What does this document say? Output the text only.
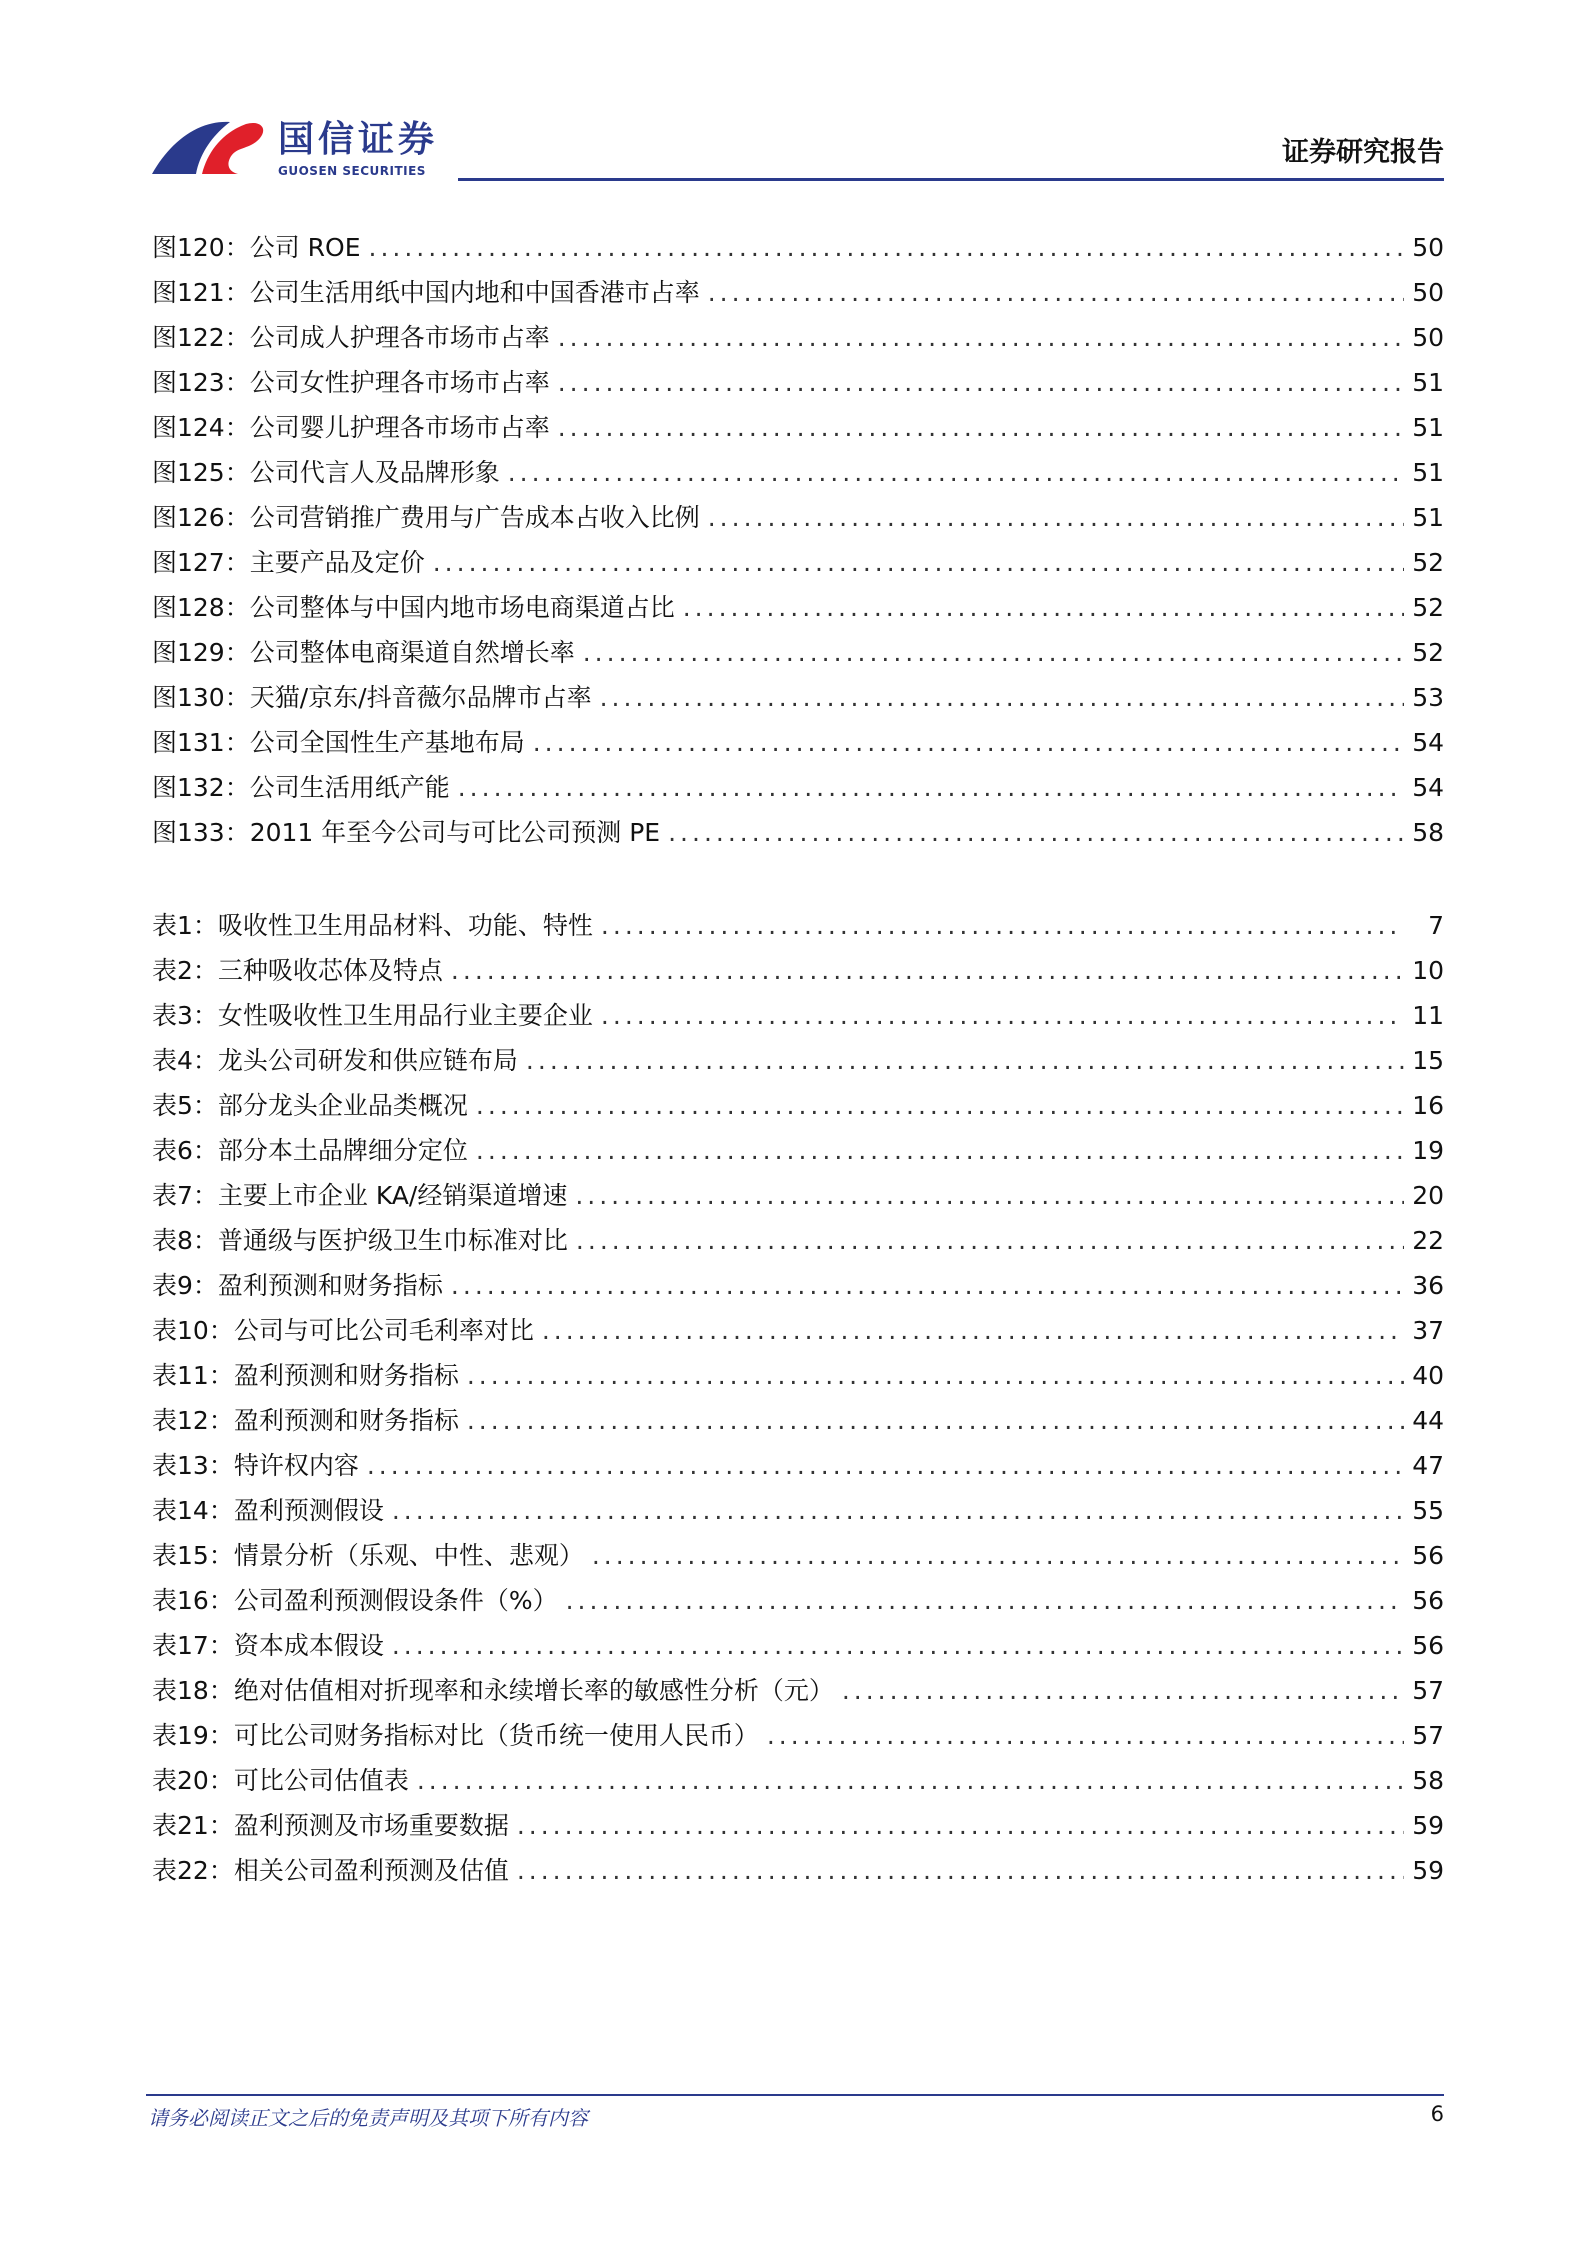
国信证券
GUOSEN SECURITIES
证券研究报告
图120： 公司 ROE .....	50
图121： 公司生活用纸中国内地和中国香港市占率 .....	50
图122： 公司成人护理各市场市占率 .....	50
图123： 公司女性护理各市场市占率 .....	51
图124： 公司婴儿护理各市场市占率 .....	51
图125： 公司代言人及品牌形象 .....	51
图126： 公司营销推广费用与广告成本占收入比例 .....	51
图127： 主要产品及定价 .....	52
图128： 公司整体与中国内地市场电商渠道占比 .....	52
图129： 公司整体电商渠道自然增长率 .....	52
图130： 天猫/京东/抖音薇尔品牌市占率 .....	53
图131： 公司全国性生产基地布局 .....	54
图132： 公司生活用纸产能 .....	54
图133： 2011 年至今公司与可比公司预测 PE .....	58
表1： 吸收性卫生用品材料、功能、特性 .....	7
表2： 三种吸收芯体及特点 .....	10
表3： 女性吸收性卫生用品行业主要企业 .....	11
表4： 龙头公司研发和供应链布局 .....	15
表5： 部分龙头企业品类概况 .....	16
表6： 部分本土品牌细分定位 .....	19
表7： 主要上市企业 KA/经销渠道增速 .....	20
表8： 普通级与医护级卫生巾标准对比 .....	22
表9： 盈利预测和财务指标 .....	36
表10： 公司与可比公司毛利率对比 .....	37
表11： 盈利预测和财务指标 .....	40
表12： 盈利预测和财务指标 .....	44
表13： 特许权内容 .....	47
表14： 盈利预测假设 .....	55
表15： 情景分析（乐观、中性、悲观） .....	56
表16： 公司盈利预测假设条件（%） .....	56
表17： 资本成本假设 .....	56
表18： 绝对估值相对折现率和永续增长率的敏感性分析（元） .....	57
表19： 可比公司财务指标对比（货币统一使用人民币） .....	57
表20： 可比公司估值表 .....	58
表21： 盈利预测及市场重要数据 .....	59
表22： 相关公司盈利预测及估值 .....	59
请务必阅读正文之后的免责声明及其项下所有内容	6
